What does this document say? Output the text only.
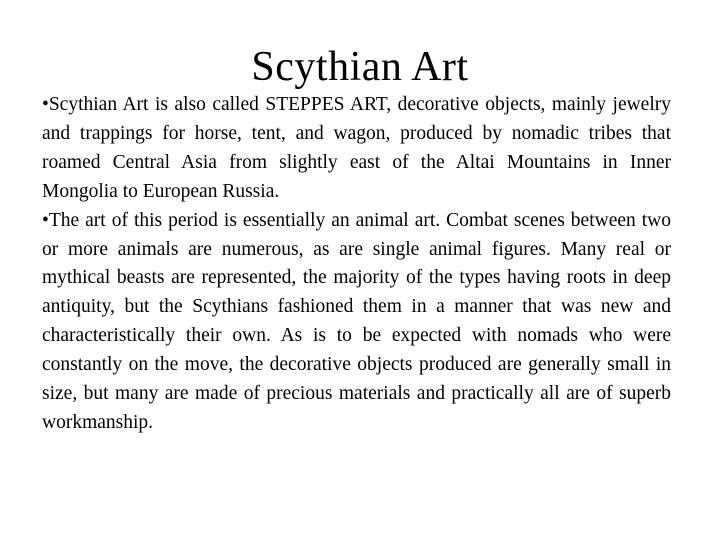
Scythian Art
•Scythian Art is also called STEPPES ART, decorative objects, mainly jewelry and trappings for horse, tent, and wagon, produced by nomadic tribes that roamed Central Asia from slightly east of the Altai Mountains in Inner Mongolia to European Russia.
•The art of this period is essentially an animal art. Combat scenes between two or more animals are numerous, as are single animal figures. Many real or mythical beasts are represented, the majority of the types having roots in deep antiquity, but the Scythians fashioned them in a manner that was new and characteristically their own. As is to be expected with nomads who were constantly on the move, the decorative objects produced are generally small in size, but many are made of precious materials and practically all are of superb workmanship.
